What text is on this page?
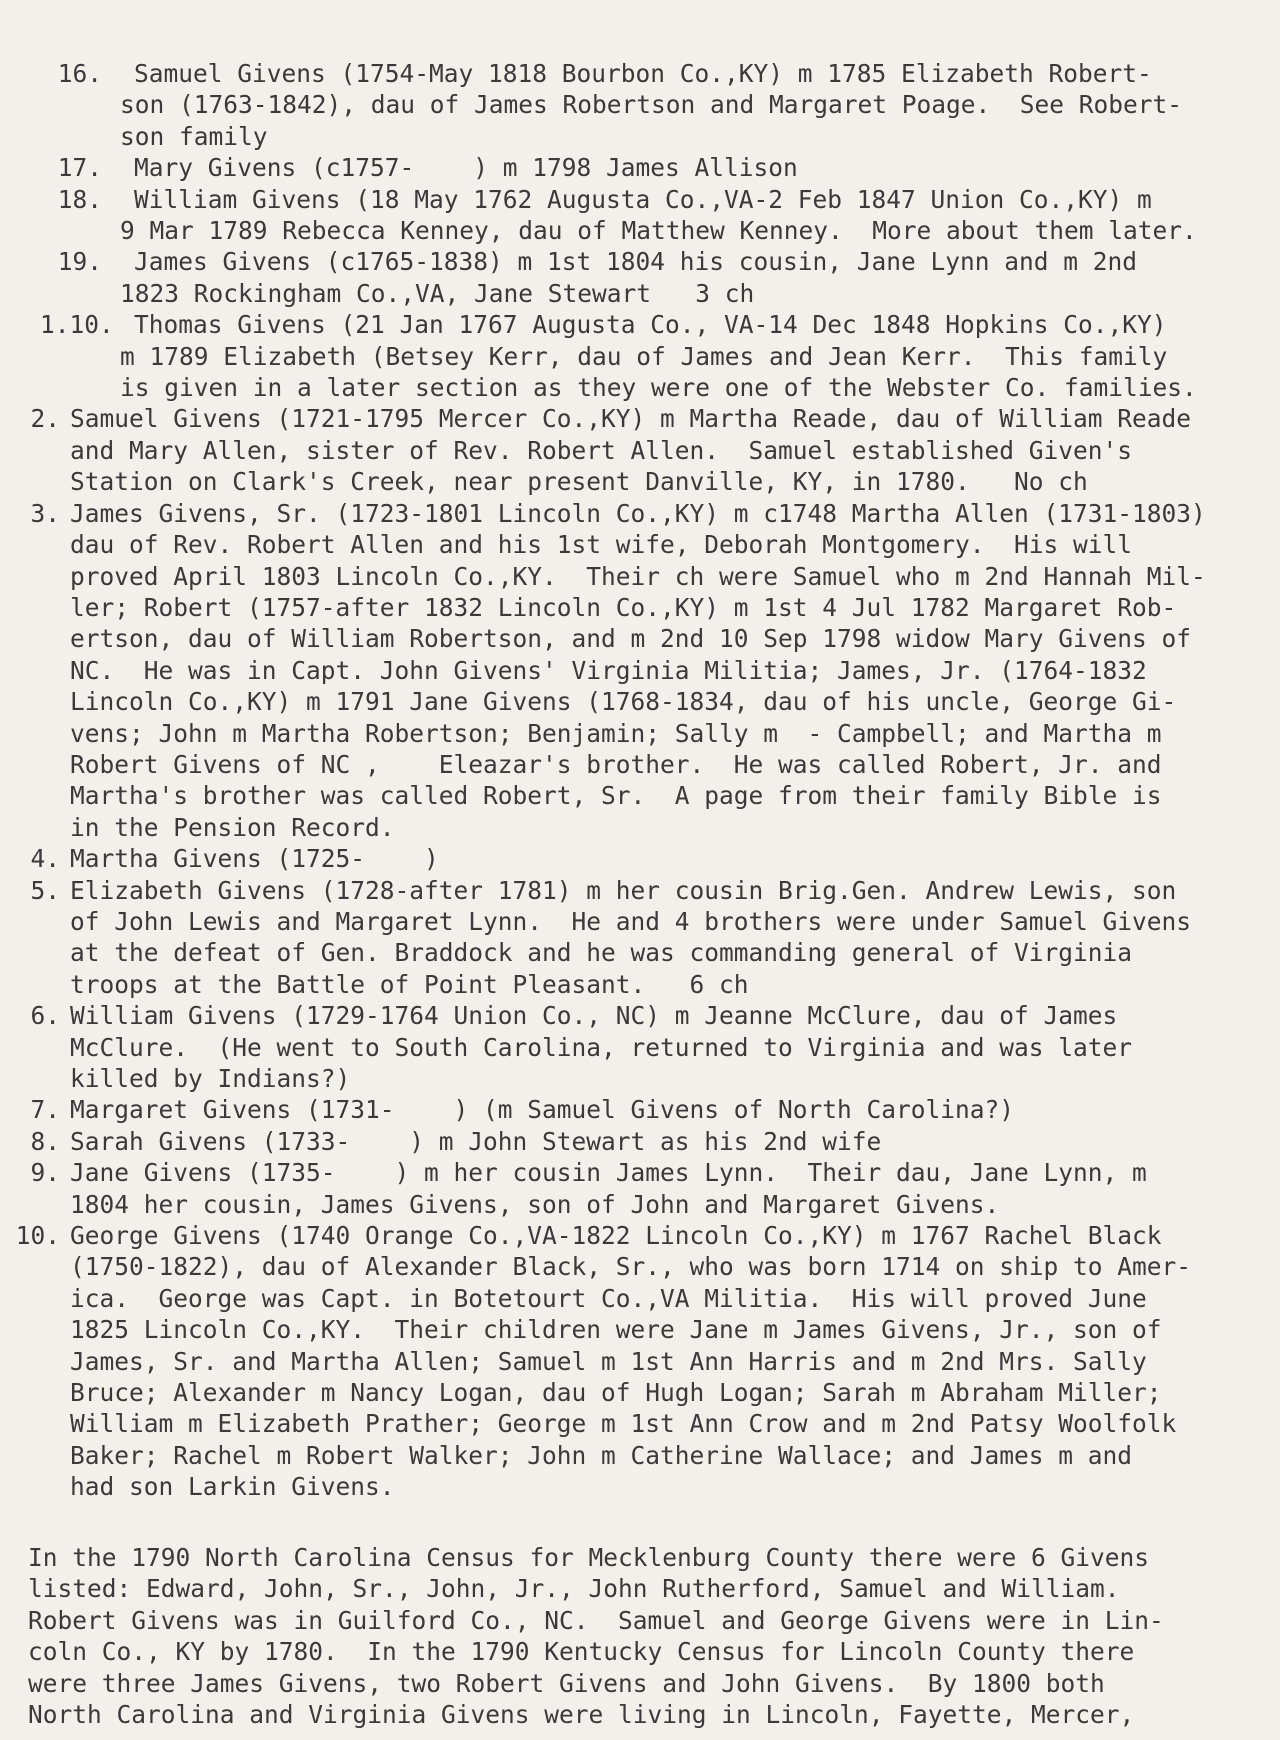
16. Samuel Givens (1754-May 1818 Bourbon Co.,KY) m 1785 Elizabeth Robert-
son (1763-1842), dau of James Robertson and Margaret Poage.  See Robert-
son family
17. Mary Givens (c1757-    ) m 1798 James Allison
18. William Givens (18 May 1762 Augusta Co.,VA-2 Feb 1847 Union Co.,KY) m
9 Mar 1789 Rebecca Kenney, dau of Matthew Kenney.  More about them later.
19. James Givens (c1765-1838) m 1st 1804 his cousin, Jane Lynn and m 2nd
1823 Rockingham Co.,VA, Jane Stewart   3 ch
1.10. Thomas Givens (21 Jan 1767 Augusta Co., VA-14 Dec 1848 Hopkins Co.,KY)
m 1789 Elizabeth (Betsey Kerr, dau of James and Jean Kerr.  This family
is given in a later section as they were one of the Webster Co. families.
2. Samuel Givens (1721-1795 Mercer Co.,KY) m Martha Reade, dau of William Reade
and Mary Allen, sister of Rev. Robert Allen.  Samuel established Given's
Station on Clark's Creek, near present Danville, KY, in 1780.   No ch
3. James Givens, Sr. (1723-1801 Lincoln Co.,KY) m c1748 Martha Allen (1731-1803)
dau of Rev. Robert Allen and his 1st wife, Deborah Montgomery.  His will
proved April 1803 Lincoln Co.,KY.  Their ch were Samuel who m 2nd Hannah Mil-
ler; Robert (1757-after 1832 Lincoln Co.,KY) m 1st 4 Jul 1782 Margaret Rob-
ertson, dau of William Robertson, and m 2nd 10 Sep 1798 widow Mary Givens of
NC.  He was in Capt. John Givens' Virginia Militia; James, Jr. (1764-1832
Lincoln Co.,KY) m 1791 Jane Givens (1768-1834, dau of his uncle, George Gi-
vens; John m Martha Robertson; Benjamin; Sally m  - Campbell; and Martha m
Robert Givens of NC ,    Eleazar's brother.  He was called Robert, Jr. and
Martha's brother was called Robert, Sr.  A page from their family Bible is
in the Pension Record.
4. Martha Givens (1725-    )
5. Elizabeth Givens (1728-after 1781) m her cousin Brig.Gen. Andrew Lewis, son
of John Lewis and Margaret Lynn.  He and 4 brothers were under Samuel Givens
at the defeat of Gen. Braddock and he was commanding general of Virginia
troops at the Battle of Point Pleasant.   6 ch
6. William Givens (1729-1764 Union Co., NC) m Jeanne McClure, dau of James
McClure.  (He went to South Carolina, returned to Virginia and was later
killed by Indians?)
7. Margaret Givens (1731-    ) (m Samuel Givens of North Carolina?)
8. Sarah Givens (1733-    ) m John Stewart as his 2nd wife
9. Jane Givens (1735-    ) m her cousin James Lynn.  Their dau, Jane Lynn, m
1804 her cousin, James Givens, son of John and Margaret Givens.
10. George Givens (1740 Orange Co.,VA-1822 Lincoln Co.,KY) m 1767 Rachel Black
(1750-1822), dau of Alexander Black, Sr., who was born 1714 on ship to Amer-
ica.  George was Capt. in Botetourt Co.,VA Militia.  His will proved June
1825 Lincoln Co.,KY.  Their children were Jane m James Givens, Jr., son of
James, Sr. and Martha Allen; Samuel m 1st Ann Harris and m 2nd Mrs. Sally
Bruce; Alexander m Nancy Logan, dau of Hugh Logan; Sarah m Abraham Miller;
William m Elizabeth Prather; George m 1st Ann Crow and m 2nd Patsy Woolfolk
Baker; Rachel m Robert Walker; John m Catherine Wallace; and James m and
had son Larkin Givens.
In the 1790 North Carolina Census for Mecklenburg County there were 6 Givens
listed: Edward, John, Sr., John, Jr., John Rutherford, Samuel and William.
Robert Givens was in Guilford Co., NC.  Samuel and George Givens were in Lin-
coln Co., KY by 1780.  In the 1790 Kentucky Census for Lincoln County there
were three James Givens, two Robert Givens and John Givens.  By 1800 both
North Carolina and Virginia Givens were living in Lincoln, Fayette, Mercer,
